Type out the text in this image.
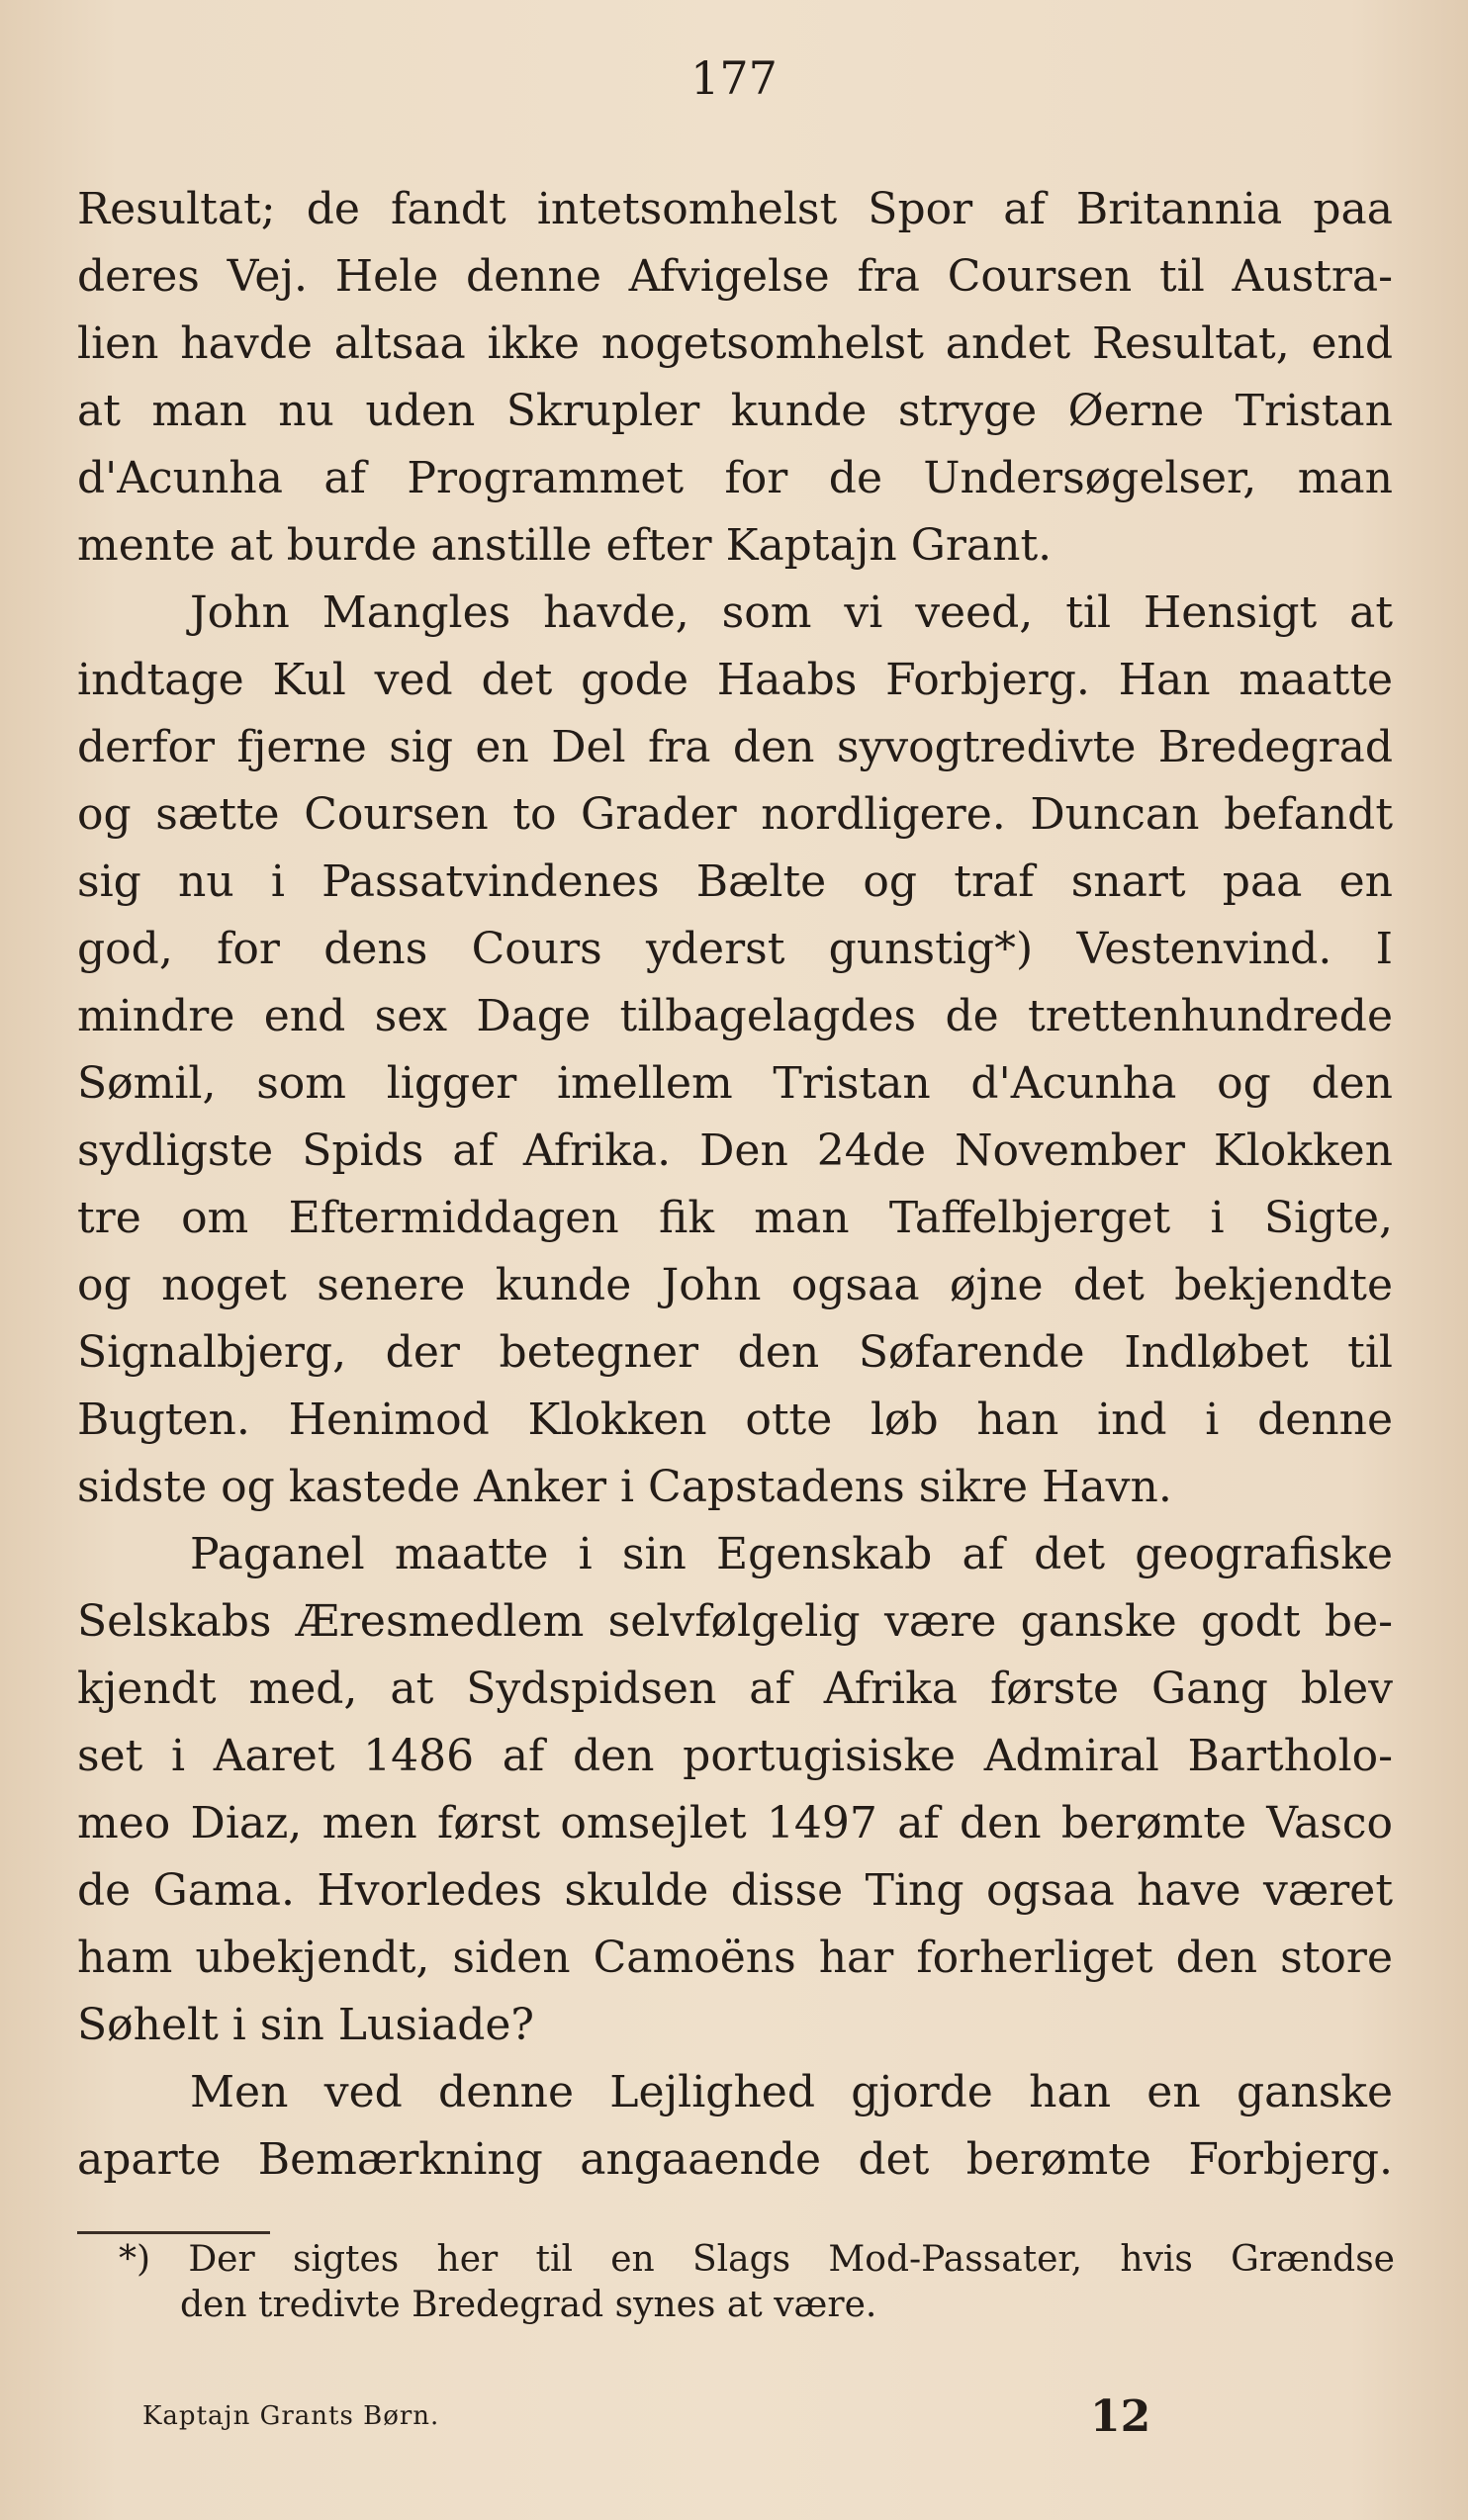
177
Resultat; de fandt intetsomhelst Spor af Britannia paa
deres Vej. Hele denne Afvigelse fra Coursen til Austra-
lien havde altsaa ikke nogetsomhelst andet Resultat, end
at man nu uden Skrupler kunde stryge Øerne Tristan
d'Acunha af Programmet for de Undersøgelser, man
mente at burde anstille efter Kaptajn Grant.
John Mangles havde, som vi veed, til Hensigt at
indtage Kul ved det gode Haabs Forbjerg. Han maatte
derfor fjerne sig en Del fra den syvogtredivte Bredegrad
og sætte Coursen to Grader nordligere. Duncan befandt
sig nu i Passatvindenes Bælte og traf snart paa en
god, for dens Cours yderst gunstig*) Vestenvind. I
mindre end sex Dage tilbagelagdes de trettenhundrede
Sømil, som ligger imellem Tristan d'Acunha og den
sydligste Spids af Afrika. Den 24de November Klokken
tre om Eftermiddagen fik man Taffelbjerget i Sigte,
og noget senere kunde John ogsaa øjne det bekjendte
Signalbjerg, der betegner den Søfarende Indløbet til
Bugten. Henimod Klokken otte løb han ind i denne
sidste og kastede Anker i Capstadens sikre Havn.
Paganel maatte i sin Egenskab af det geografiske
Selskabs Æresmedlem selvfølgelig være ganske godt be-
kjendt med, at Sydspidsen af Afrika første Gang blev
set i Aaret 1486 af den portugisiske Admiral Bartholo-
meo Diaz, men først omsejlet 1497 af den berømte Vasco
de Gama. Hvorledes skulde disse Ting ogsaa have været
ham ubekjendt, siden Camoëns har forherliget den store
Søhelt i sin Lusiade?
Men ved denne Lejlighed gjorde han en ganske
aparte Bemærkning angaaende det berømte Forbjerg.
*) Der sigtes her til en Slags Mod-Passater, hvis Grændse
den tredivte Bredegrad synes at være.
Kaptajn Grants Børn.	12
